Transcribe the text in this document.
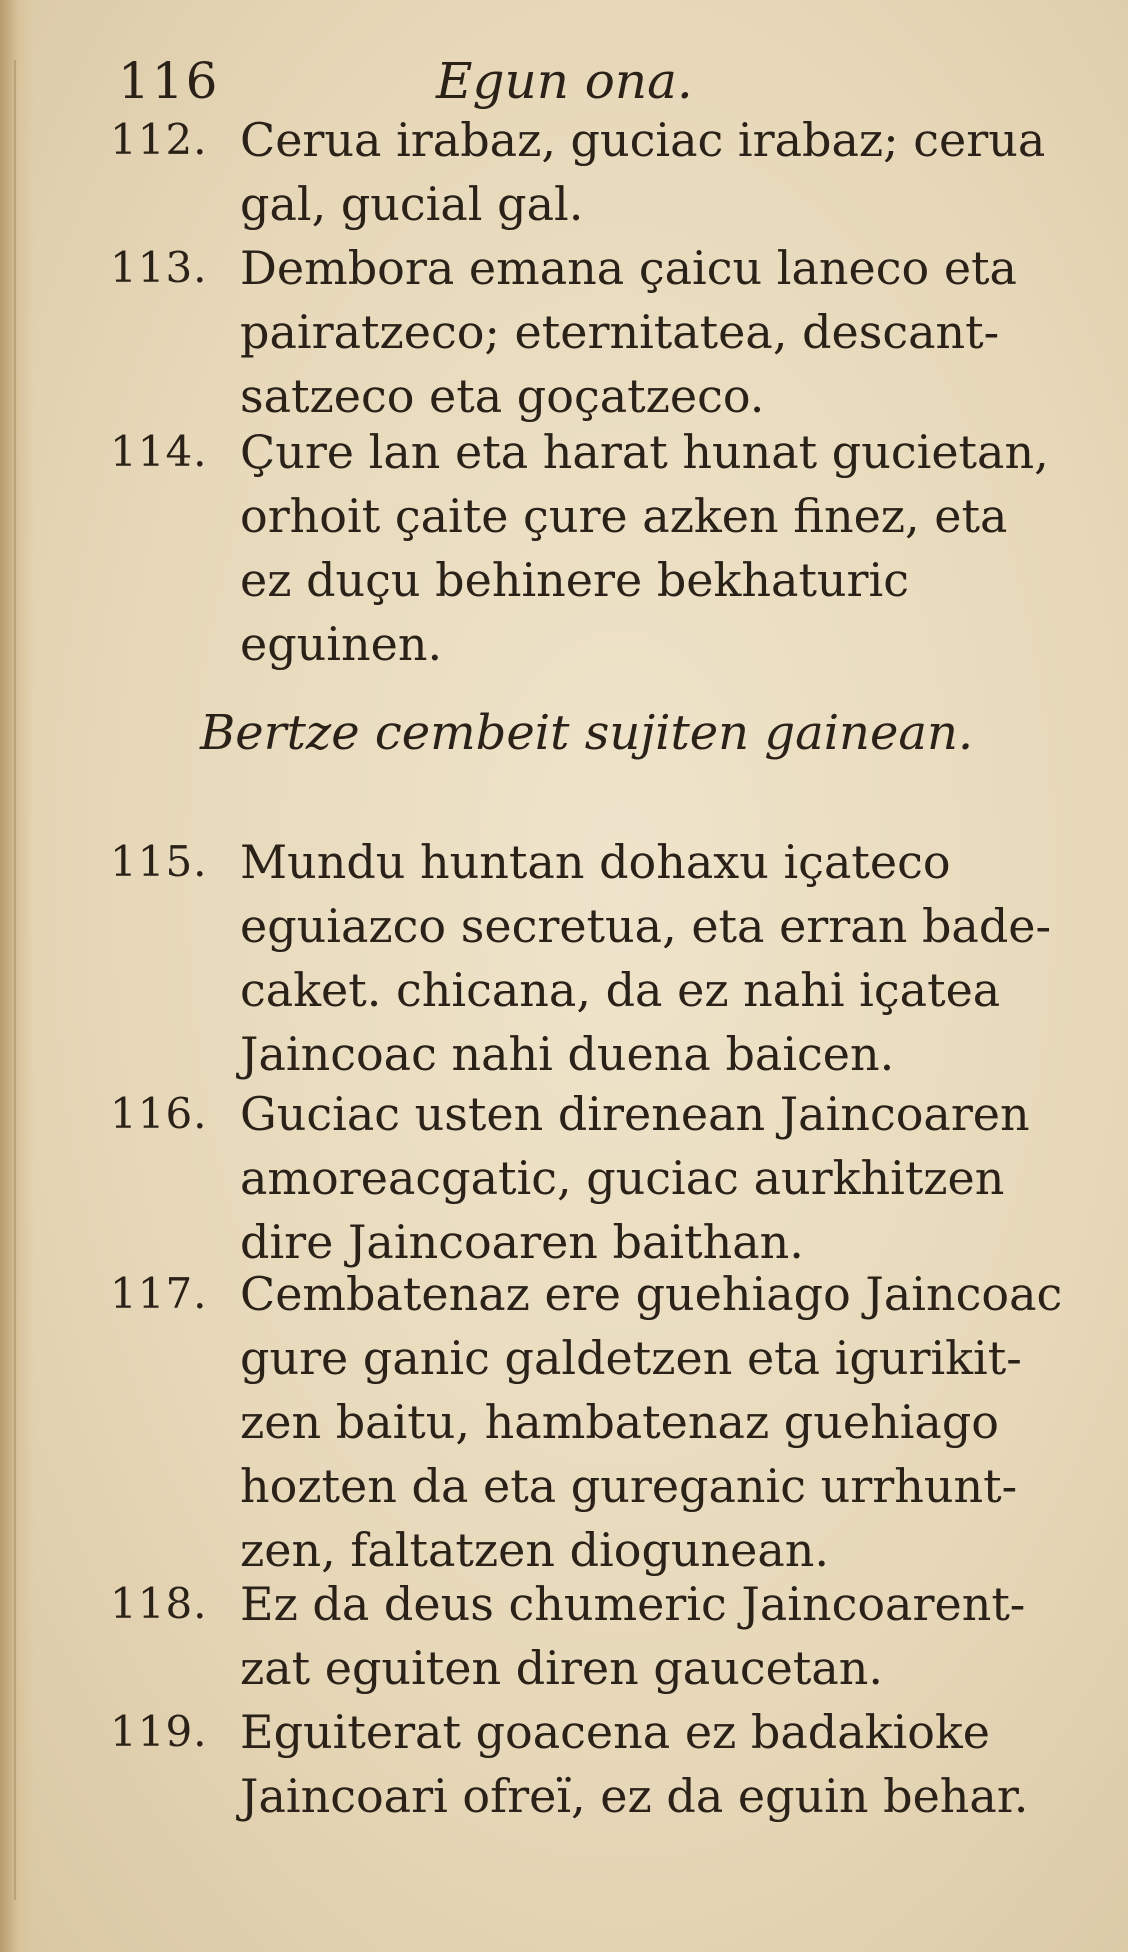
116	Egun ona.
112. Cerua irabaz, guciac irabaz; cerua
gal, gucial gal.
113. Dembora emana çaicu laneco eta
pairatzeco; eternitatea, descant-
satzeco eta goçatzeco.
114. Çure lan eta harat hunat gucietan,
orhoit çaite çure azken finez, eta
ez duçu behinere bekhaturic
eguinen.
Bertze cembeit sujiten gainean.
115. Mundu huntan dohaxu içateco
eguiazco secretua, eta erran bade-
caket. chicana, da ez nahi içatea
Jaincoac nahi duena baicen.
116. Guciac usten direnean Jaincoaren
amoreacgatic, guciac aurkhitzen
dire Jaincoaren baithan.
117. Cembatenaz ere guehiago Jaincoac
gure ganic galdetzen eta igurikit-
zen baitu, hambatenaz guehiago
hozten da eta gureganic urrhunt-
zen, faltatzen diogunean.
118. Ez da deus chumeric Jaincoarent-
zat eguiten diren gaucetan.
119. Eguiterat goacena ez badakioke
Jaincoari ofreï, ez da eguin behar.
